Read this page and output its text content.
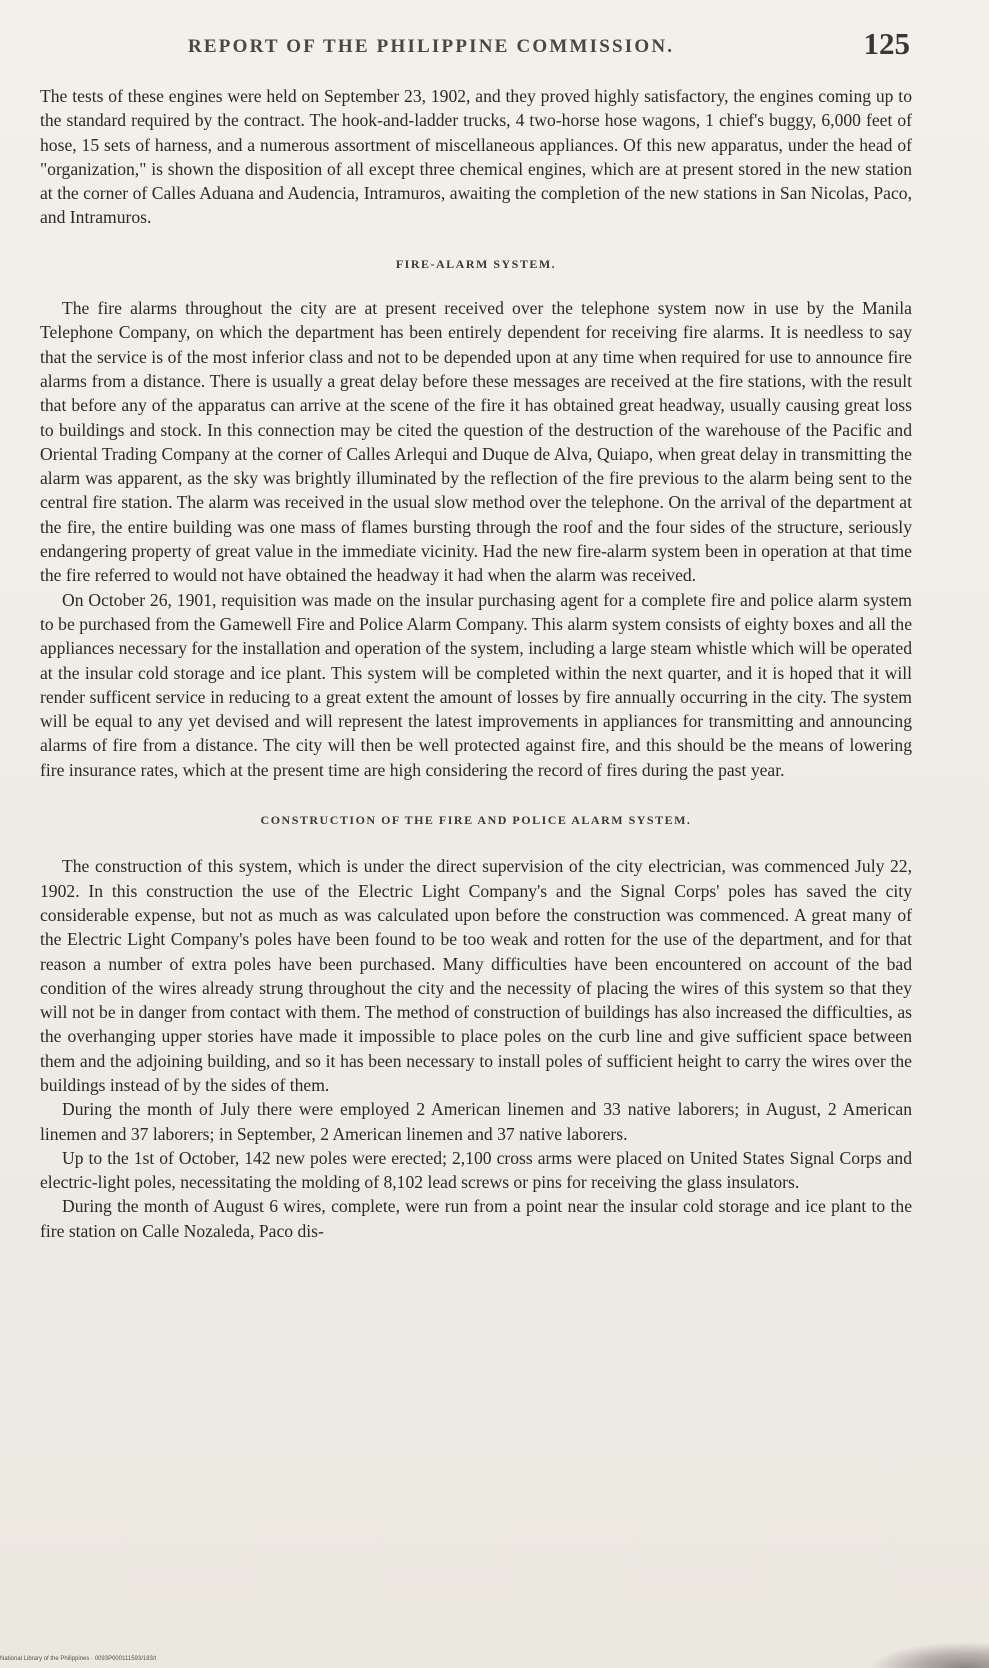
REPORT OF THE PHILIPPINE COMMISSION.	125

The tests of these engines were held on September 23, 1902, and they proved highly satisfactory, the engines coming up to the standard required by the contract. The hook-and-ladder trucks, 4 two-horse hose wagons, 1 chief's buggy, 6,000 feet of hose, 15 sets of harness, and a numerous assortment of miscellaneous appliances. Of this new apparatus, under the head of "organization," is shown the disposition of all except three chemical engines, which are at present stored in the new station at the corner of Calles Aduana and Audencia, Intramuros, awaiting the completion of the new stations in San Nicolas, Paco, and Intramuros.

FIRE-ALARM SYSTEM.

The fire alarms throughout the city are at present received over the telephone system now in use by the Manila Telephone Company, on which the department has been entirely dependent for receiving fire alarms. It is needless to say that the service is of the most inferior class and not to be depended upon at any time when required for use to announce fire alarms from a distance. There is usually a great delay before these messages are received at the fire stations, with the result that before any of the apparatus can arrive at the scene of the fire it has obtained great headway, usually causing great loss to buildings and stock. In this connection may be cited the question of the destruction of the warehouse of the Pacific and Oriental Trading Company at the corner of Calles Arlequi and Duque de Alva, Quiapo, when great delay in transmitting the alarm was apparent, as the sky was brightly illuminated by the reflection of the fire previous to the alarm being sent to the central fire station. The alarm was received in the usual slow method over the telephone. On the arrival of the department at the fire, the entire building was one mass of flames bursting through the roof and the four sides of the structure, seriously endangering property of great value in the immediate vicinity. Had the new fire-alarm system been in operation at that time the fire referred to would not have obtained the headway it had when the alarm was received.

On October 26, 1901, requisition was made on the insular purchasing agent for a complete fire and police alarm system to be purchased from the Gamewell Fire and Police Alarm Company. This alarm system consists of eighty boxes and all the appliances necessary for the installation and operation of the system, including a large steam whistle which will be operated at the insular cold storage and ice plant. This system will be completed within the next quarter, and it is hoped that it will render sufficent service in reducing to a great extent the amount of losses by fire annually occurring in the city. The system will be equal to any yet devised and will represent the latest improvements in appliances for transmitting and announcing alarms of fire from a distance. The city will then be well protected against fire, and this should be the means of lowering fire insurance rates, which at the present time are high considering the record of fires during the past year.

CONSTRUCTION OF THE FIRE AND POLICE ALARM SYSTEM.

The construction of this system, which is under the direct supervision of the city electrician, was commenced July 22, 1902. In this construction the use of the Electric Light Company's and the Signal Corps' poles has saved the city considerable expense, but not as much as was calculated upon before the construction was commenced. A great many of the Electric Light Company's poles have been found to be too weak and rotten for the use of the department, and for that reason a number of extra poles have been purchased. Many difficulties have been encountered on account of the bad condition of the wires already strung throughout the city and the necessity of placing the wires of this system so that they will not be in danger from contact with them. The method of construction of buildings has also increased the difficulties, as the overhanging upper stories have made it impossible to place poles on the curb line and give sufficient space between them and the adjoining building, and so it has been necessary to install poles of sufficient height to carry the wires over the buildings instead of by the sides of them.

During the month of July there were employed 2 American linemen and 33 native laborers; in August, 2 American linemen and 37 laborers; in September, 2 American linemen and 37 native laborers.

Up to the 1st of October, 142 new poles were erected; 2,100 cross arms were placed on United States Signal Corps and electric-light poles, necessitating the molding of 8,102 lead screws or pins for receiving the glass insulators.

During the month of August 6 wires, complete, were run from a point near the insular cold storage and ice plant to the fire station on Calle Nozaleda, Paco dis-

National Library of the Philippines · 0093P000111593/183/t
